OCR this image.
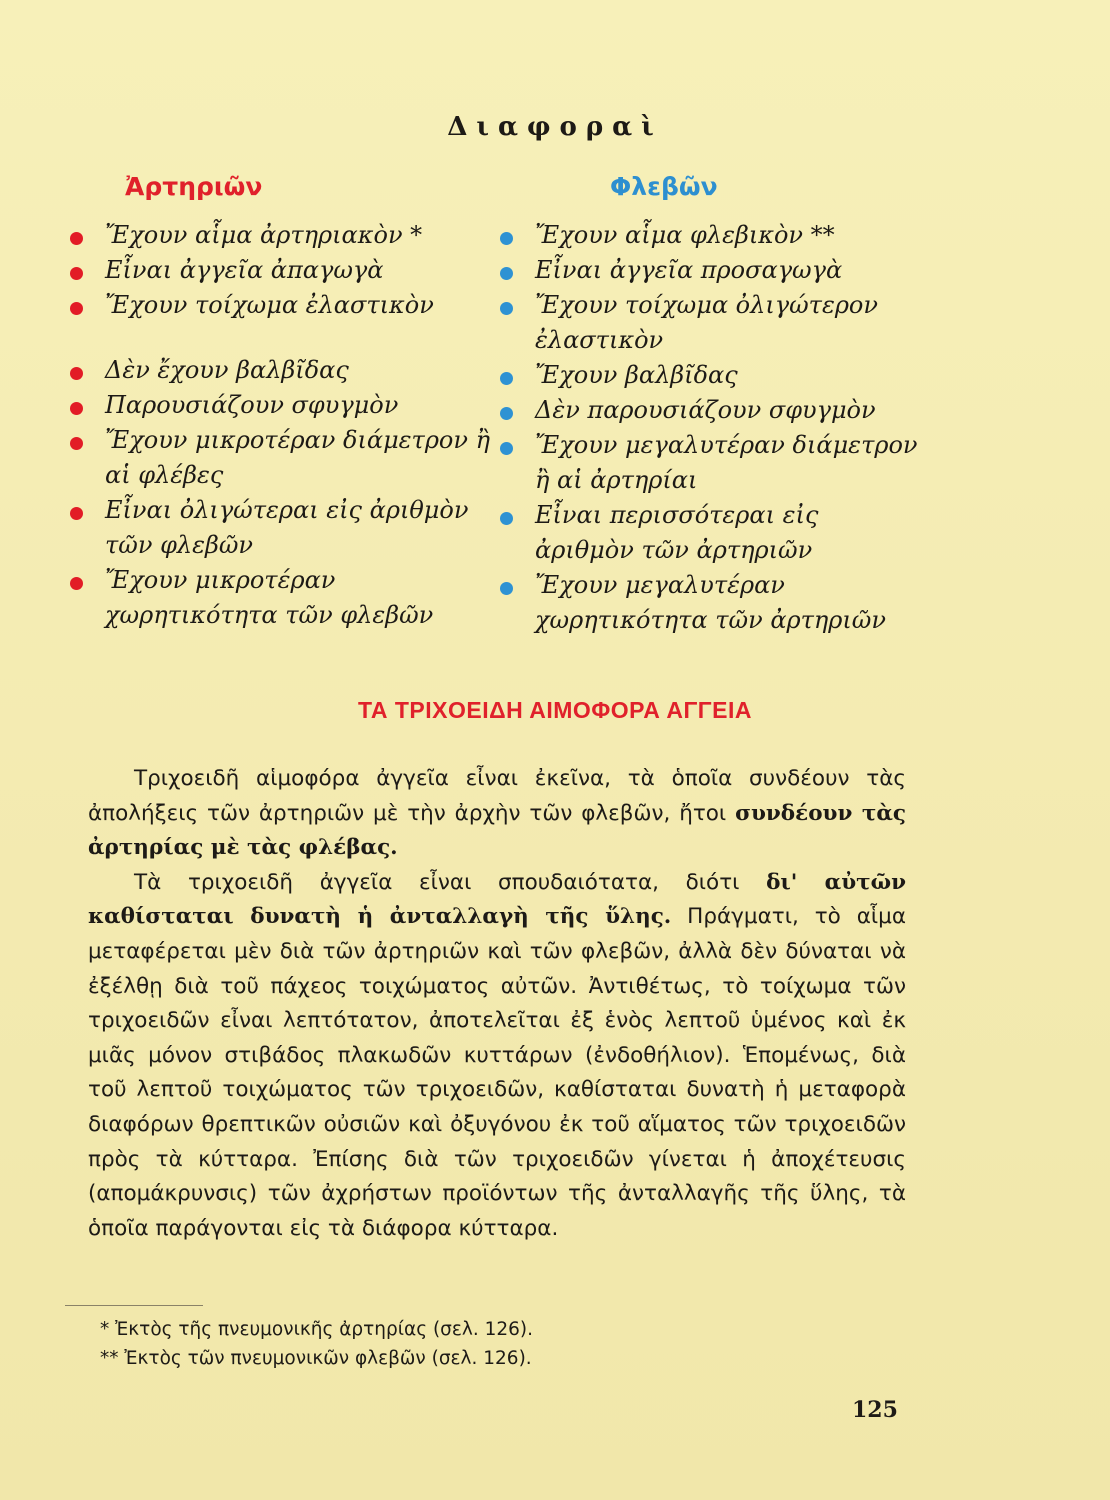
Διαφοραὶ
Ἀρτηριῶν	Φλεβῶν
Ἔχουν αἷμα ἀρτηριακὸν *
Εἶναι ἀγγεῖα ἀπαγωγὰ
Ἔχουν τοίχωμα ἐλαστικὸν
Δὲν ἔχουν βαλβῖδας
Παρουσιάζουν σφυγμὸν
Ἔχουν μικροτέραν διάμετρον ἢ αἱ φλέβες
Εἶναι ὀλιγώτεραι εἰς ἀριθμὸν τῶν φλεβῶν
Ἔχουν μικροτέραν χωρητικότητα τῶν φλεβῶν
Ἔχουν αἷμα φλεβικὸν **
Εἶναι ἀγγεῖα προσαγωγὰ
Ἔχουν τοίχωμα ὀλιγώτερον ἐλαστικὸν
Ἔχουν βαλβῖδας
Δὲν παρουσιάζουν σφυγμὸν
Ἔχουν μεγαλυτέραν διάμετρον ἢ αἱ ἀρτηρίαι
Εἶναι περισσότεραι εἰς ἀριθμὸν τῶν ἀρτηριῶν
Ἔχουν μεγαλυτέραν χωρητικότητα τῶν ἀρτηριῶν
ΤΑ ΤΡΙΧΟΕΙΔΗ ΑΙΜΟΦΟΡΑ ΑΓΓΕΙΑ

Τριχοειδῆ αἱμοφόρα ἀγγεῖα εἶναι ἐκεῖνα, τὰ ὁποῖα συνδέουν τὰς ἀπολήξεις τῶν ἀρτηριῶν μὲ τὴν ἀρχὴν τῶν φλεβῶν, ἤτοι συνδέουν τὰς ἀρτηρίας μὲ τὰς φλέβας.

Τὰ τριχοειδῆ ἀγγεῖα εἶναι σπουδαιότατα, διότι δι' αὐτῶν καθίσταται δυνατὴ ἡ ἀνταλλαγὴ τῆς ὕλης. Πράγματι, τὸ αἷμα μεταφέρεται μὲν διὰ τῶν ἀρτηριῶν καὶ τῶν φλεβῶν, ἀλλὰ δὲν δύναται νὰ ἐξέλθῃ διὰ τοῦ πάχεος τοιχώματος αὐτῶν. Ἀντιθέτως, τὸ τοίχωμα τῶν τριχοειδῶν εἶναι λεπτότατον, ἀποτελεῖται ἐξ ἑνὸς λεπτοῦ ὑμένος καὶ ἐκ μιᾶς μόνον στιβάδος πλακωδῶν κυττάρων (ἐνδοθήλιον). Ἑπομένως, διὰ τοῦ λεπτοῦ τοιχώματος τῶν τριχοειδῶν, καθίσταται δυνατὴ ἡ μεταφορὰ διαφόρων θρεπτικῶν οὐσιῶν καὶ ὀξυγόνου ἐκ τοῦ αἵματος τῶν τριχοειδῶν πρὸς τὰ κύτταρα. Ἐπίσης διὰ τῶν τριχοειδῶν γίνεται ἡ ἀποχέτευσις (απομάκρυνσις) τῶν ἀχρήστων προϊόντων τῆς ἀνταλλαγῆς τῆς ὕλης, τὰ ὁποῖα παράγονται εἰς τὰ διάφορα κύτταρα.

* Ἐκτὸς τῆς πνευμονικῆς ἀρτηρίας (σελ. 126).
** Ἐκτὸς τῶν πνευμονικῶν φλεβῶν (σελ. 126).
125
